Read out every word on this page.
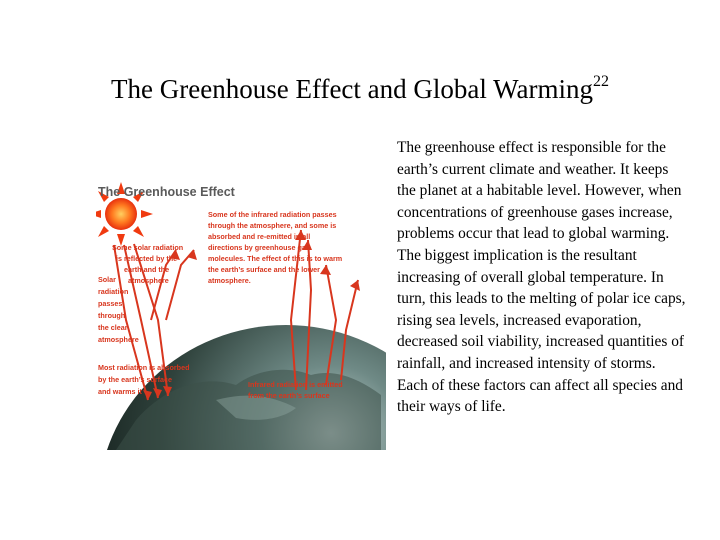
The Greenhouse Effect and Global Warming$^{22}$
The Greenhouse Effect
Some solar radiation
is reflected by the
earth and the
atmosphere
Some of the infrared radiation passes
through the atmosphere, and some is
absorbed and re-emitted in all
directions by greenhouse gas
molecules. The effect of this is to warm
the earth’s surface and the lower
atmosphere.
Solar
radiation
passes
through
the clear
atmosphere
Most radiation is absorbed
by the earth’s surface
and warms it
Infrared radiation is emitted
from the earth’s surface
The greenhouse effect is responsible for the earth’s current climate and weather. It keeps the planet at a habitable level. However, when concentrations of greenhouse gases increase, problems occur that lead to global warming. The biggest implication is the resultant increasing of overall global temperature. In turn, this leads to the melting of polar ice caps, rising sea levels, increased evaporation, decreased soil viability, increased quantities of rainfall, and increased intensity of storms. Each of these factors can affect all species and their ways of life.
